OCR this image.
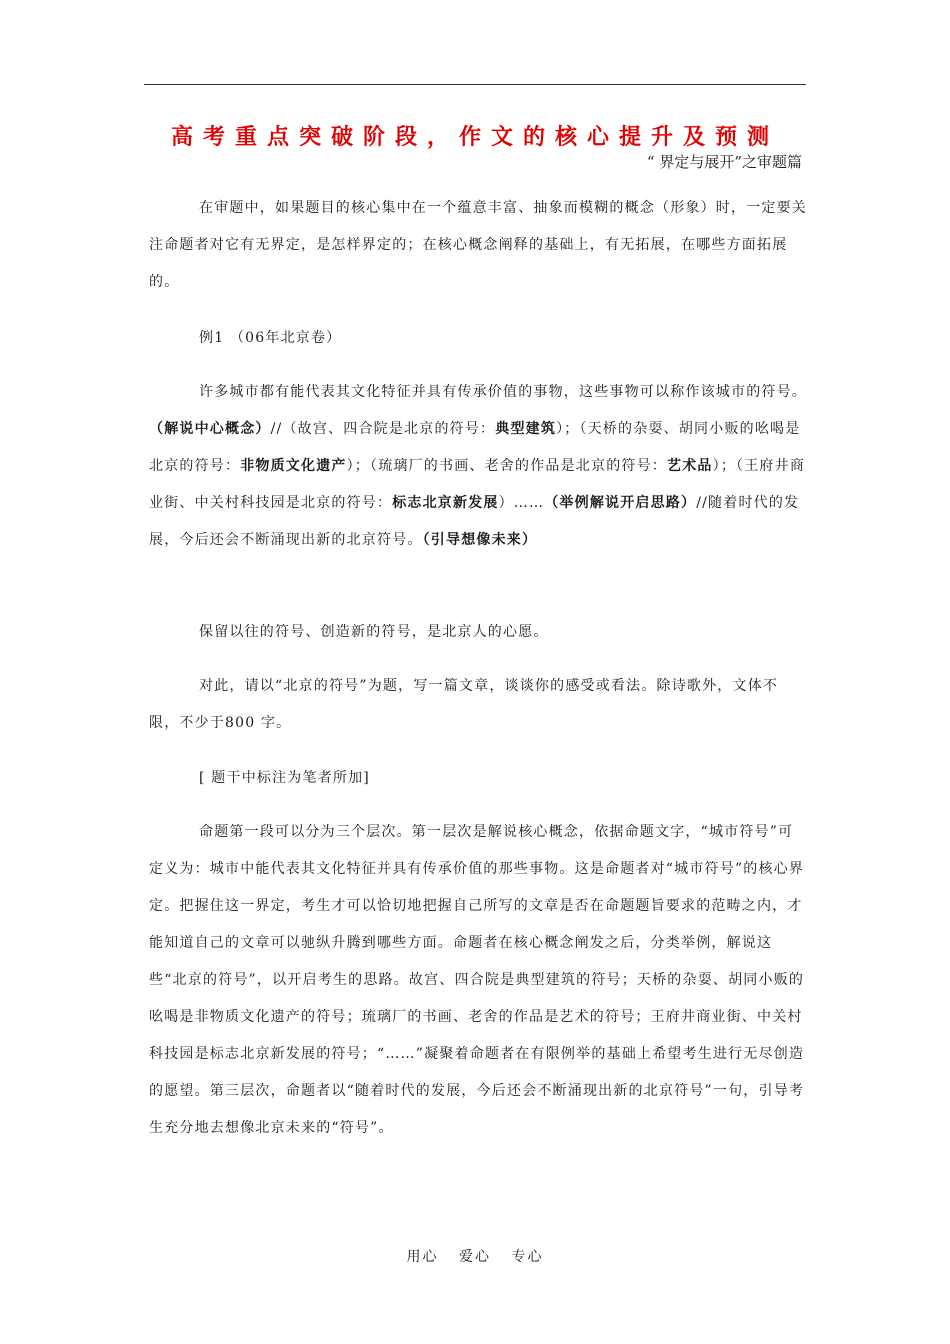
高考重点突破阶段，作文的核心提升及预测
“ 界定与展开”之审题篇

在审题中，如果题目的核心集中在一个蕴意丰富、抽象而模糊的概念（形象）时，一定要关注命题者对它有无界定，是怎样界定的；在核心概念阐释的基础上，有无拓展，在哪些方面拓展的。

例1 （06年北京卷）

许多城市都有能代表其文化特征并具有传承价值的事物，这些事物可以称作该城市的符号。（解说中心概念）//（故宫、四合院是北京的符号：典型建筑）；（天桥的杂耍、胡同小贩的吆喝是北京的符号：非物质文化遗产）；（琉璃厂的书画、老舍的作品是北京的符号：艺术品）；（王府井商业街、中关村科技园是北京的符号：标志北京新发展）……（举例解说开启思路）//随着时代的发展，今后还会不断涌现出新的北京符号。（引导想像未来）

保留以往的符号、创造新的符号，是北京人的心愿。

对此，请以“北京的符号”为题，写一篇文章，谈谈你的感受或看法。除诗歌外，文体不限，不少于800 字。

[ 题干中标注为笔者所加]

命题第一段可以分为三个层次。第一层次是解说核心概念，依据命题文字，“城市符号”可定义为：城市中能代表其文化特征并具有传承价值的那些事物。这是命题者对“城市符号”的核心界定。把握住这一界定，考生才可以恰切地把握自己所写的文章是否在命题题旨要求的范畴之内，才能知道自己的文章可以驰纵升腾到哪些方面。命题者在核心概念阐发之后，分类举例，解说这些“北京的符号”，以开启考生的思路。故宫、四合院是典型建筑的符号；天桥的杂耍、胡同小贩的吆喝是非物质文化遗产的符号；琉璃厂的书画、老舍的作品是艺术的符号；王府井商业街、中关村科技园是标志北京新发展的符号；“……”凝聚着命题者在有限例举的基础上希望考生进行无尽创造的愿望。第三层次，命题者以“随着时代的发展，今后还会不断涌现出新的北京符号”一句，引导考生充分地去想像北京未来的“符号”。

用心 爱心 专心
